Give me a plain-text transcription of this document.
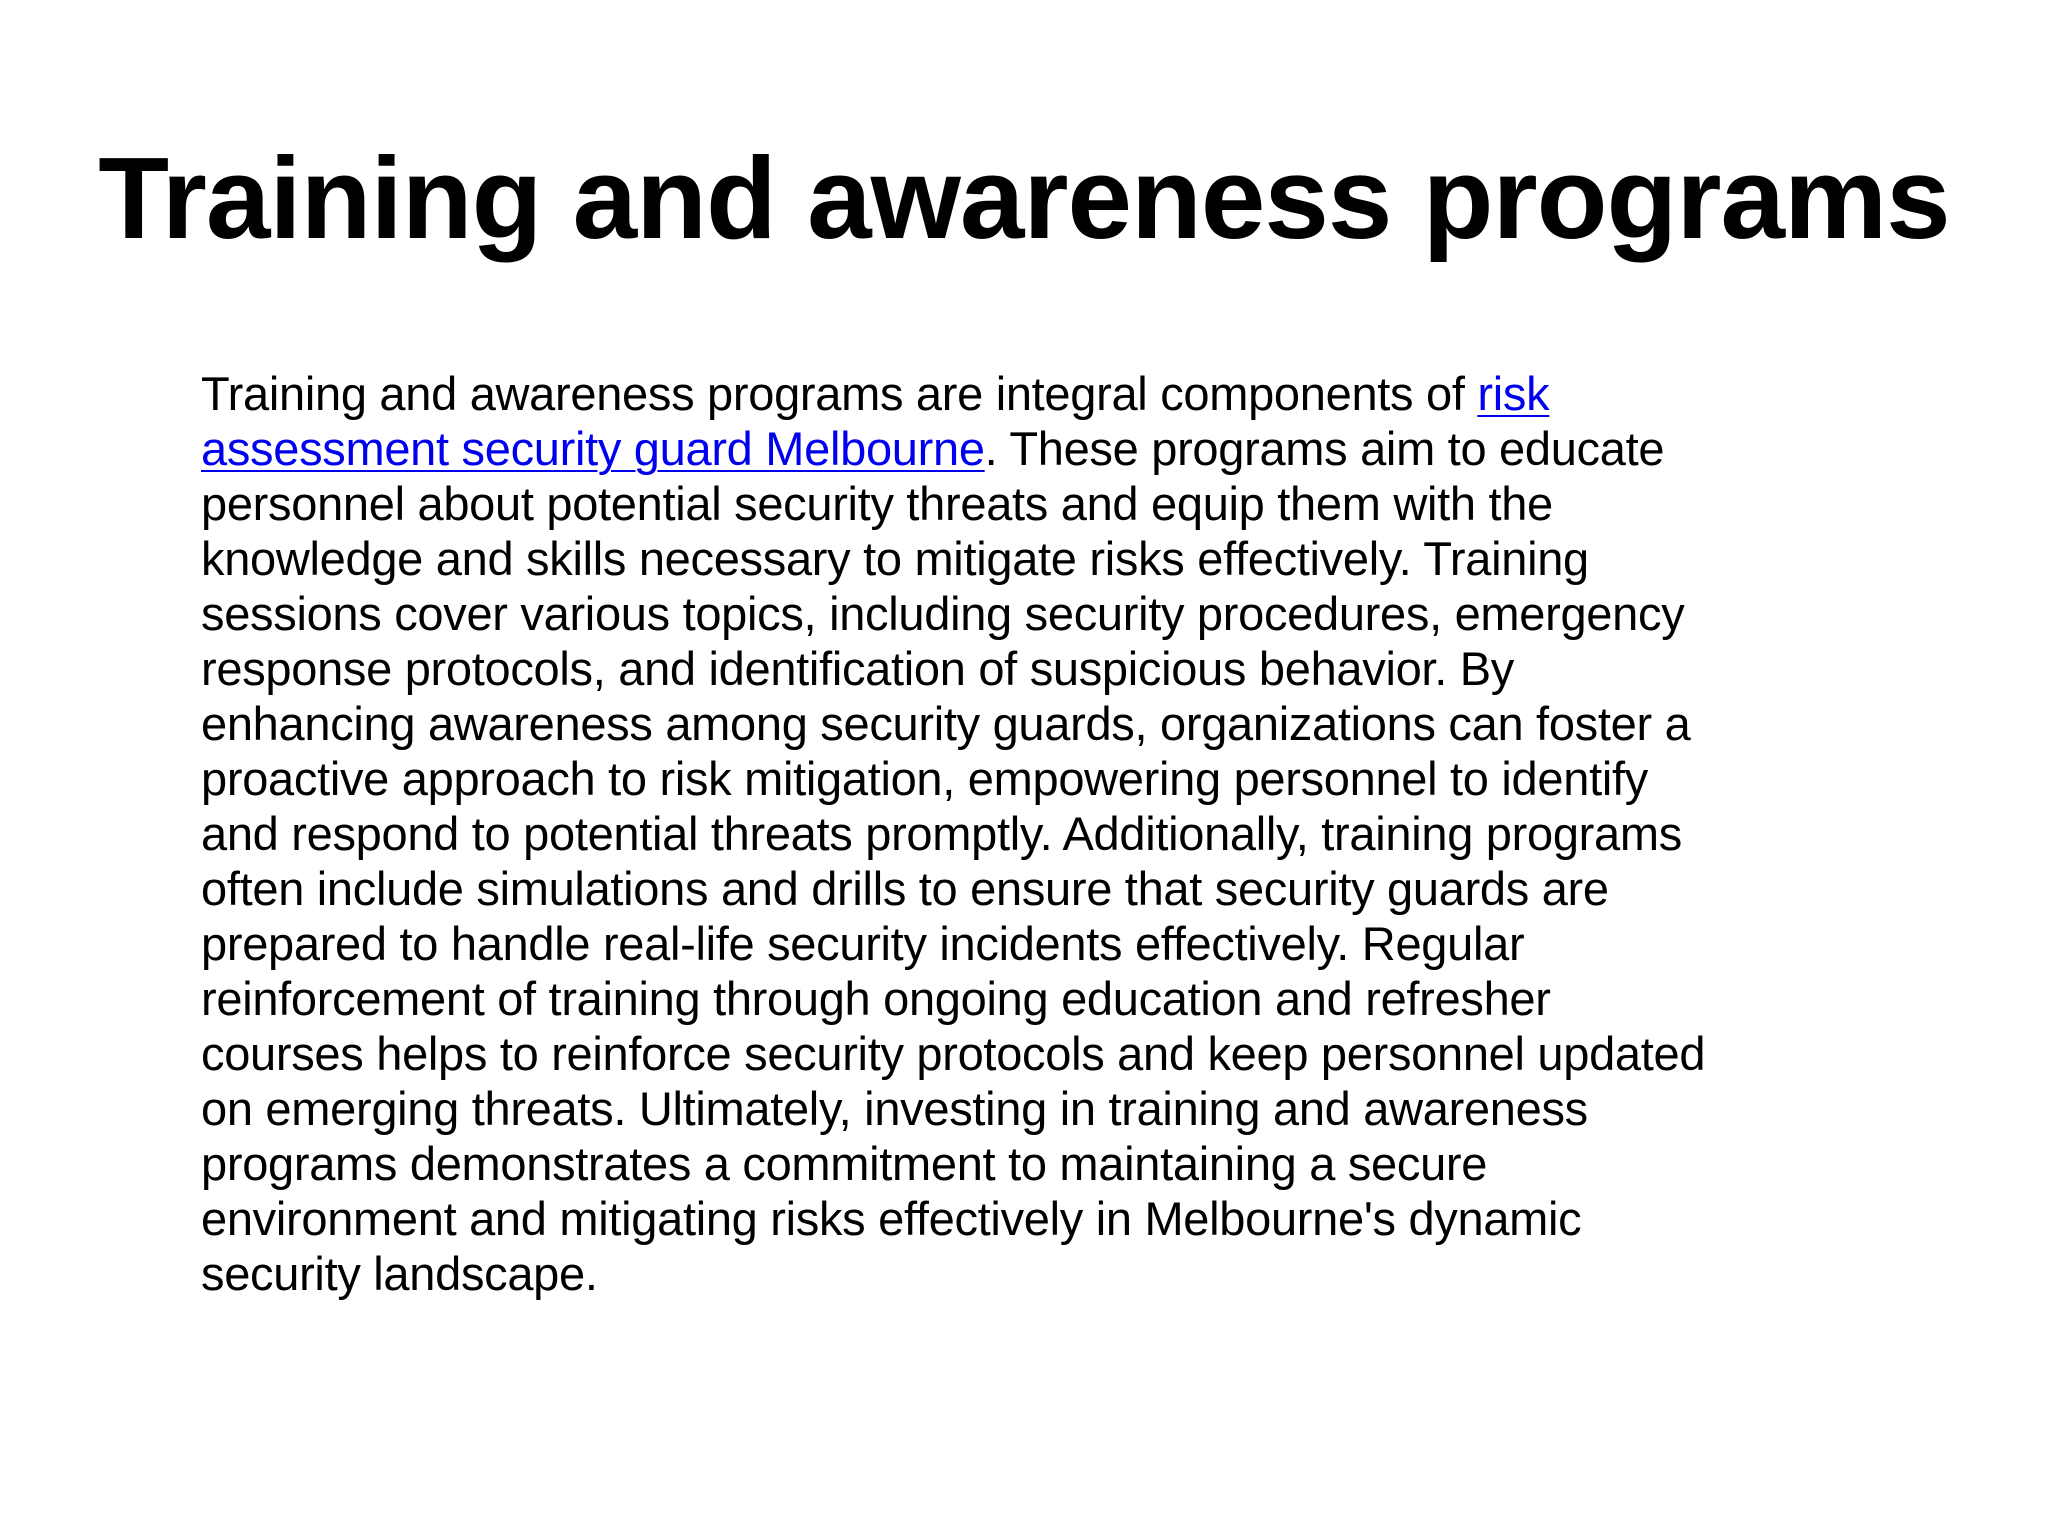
Training and awareness programs
Training and awareness programs are integral components of risk
assessment security guard Melbourne. These programs aim to educate
personnel about potential security threats and equip them with the
knowledge and skills necessary to mitigate risks effectively. Training
sessions cover various topics, including security procedures, emergency
response protocols, and identification of suspicious behavior. By
enhancing awareness among security guards, organizations can foster a
proactive approach to risk mitigation, empowering personnel to identify
and respond to potential threats promptly. Additionally, training programs
often include simulations and drills to ensure that security guards are
prepared to handle real-life security incidents effectively. Regular
reinforcement of training through ongoing education and refresher
courses helps to reinforce security protocols and keep personnel updated
on emerging threats. Ultimately, investing in training and awareness
programs demonstrates a commitment to maintaining a secure
environment and mitigating risks effectively in Melbourne's dynamic
security landscape.
